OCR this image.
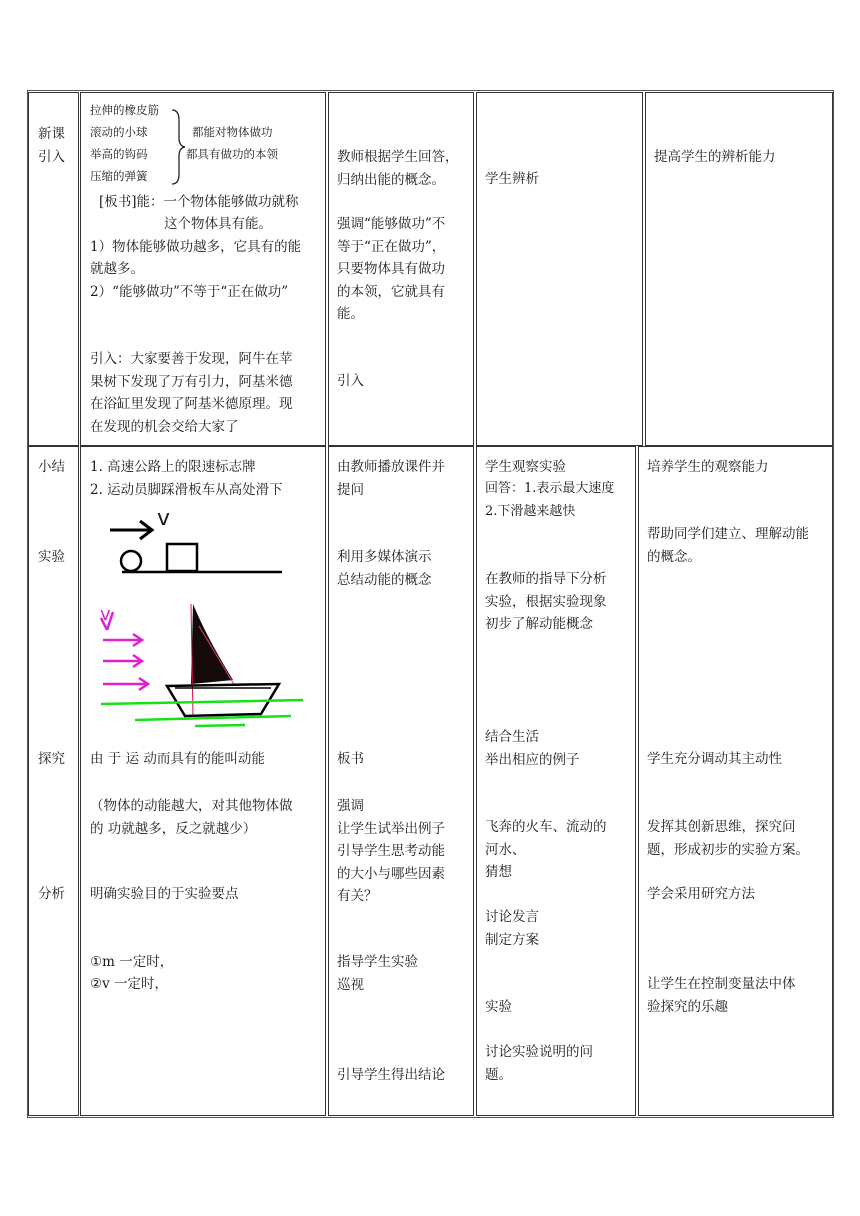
新课
引入
拉伸的橡皮筋
滚动的小球
举高的钩码
压缩的弹簧
都能对物体做功
都具有做功的本领
[板书]能：一个物体能够做功就称
这个物体具有能。
1）物体能够做功越多，它具有的能
就越多。
2）“能够做功”不等于“正在做功”
引入：大家要善于发现，阿牛在苹
果树下发现了万有引力，阿基米德
在浴缸里发现了阿基米德原理。现
在发现的机会交给大家了
教师根据学生回答，
归纳出能的概念。
强调“能够做功”不
等于“正在做功”，
只要物体具有做功
的本领，它就具有
能。
引入
学生辨析
提高学生的辨析能力
小结
实验
探究
分析
1. 高速公路上的限速标志牌
2. 运动员脚踩滑板车从高处滑下
v
v
由 于 运 动而具有的能叫动能
（物体的动能越大，对其他物体做
的 功就越多，反之就越少）
明确实验目的于实验要点
①m 一定时，
②v 一定时，
由教师播放课件并
提问
利用多媒体演示
总结动能的概念
板书
强调
让学生试举出例子
引导学生思考动能
的大小与哪些因素
有关？
指导学生实验
巡视
引导学生得出结论
学生观察实验
回答：1.表示最大速度
2.下滑越来越快
在教师的指导下分析
实验，根据实验现象
初步了解动能概念
结合生活
举出相应的例子
飞奔的火车、流动的
河水、
猜想
讨论发言
制定方案
实验
讨论实验说明的问
题。
培养学生的观察能力
帮助同学们建立、理解动能
的概念。
学生充分调动其主动性
发挥其创新思维，探究问
题，形成初步的实验方案。
学会采用研究方法
让学生在控制变量法中体
验探究的乐趣
